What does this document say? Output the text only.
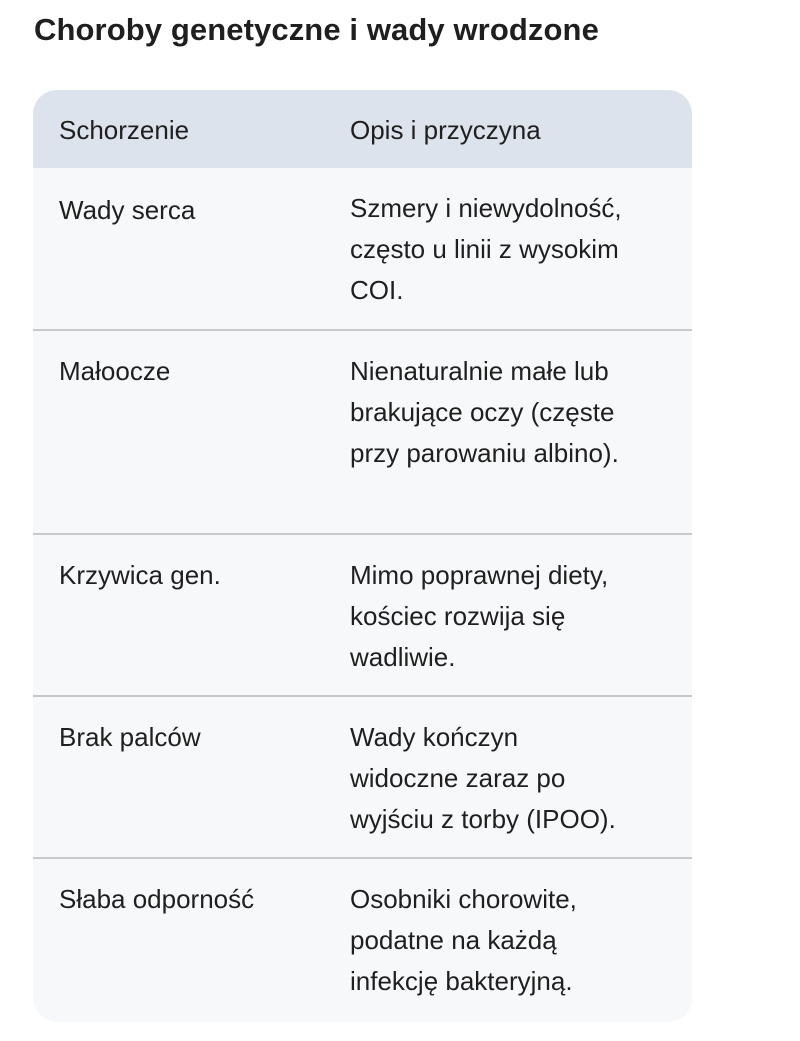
Choroby genetyczne i wady wrodzone
Schorzenie	Opis i przyczyna
Wady serca	Szmery i niewydolność,
często u linii z wysokim
COI.
Małoocze	Nienaturalnie małe lub
brakujące oczy (częste
przy parowaniu albino).
Krzywica gen.	Mimo poprawnej diety,
kościec rozwija się
wadliwie.
Brak palców	Wady kończyn
widoczne zaraz po
wyjściu z torby (IPOO).
Słaba odporność	Osobniki chorowite,
podatne na każdą
infekcję bakteryjną.
